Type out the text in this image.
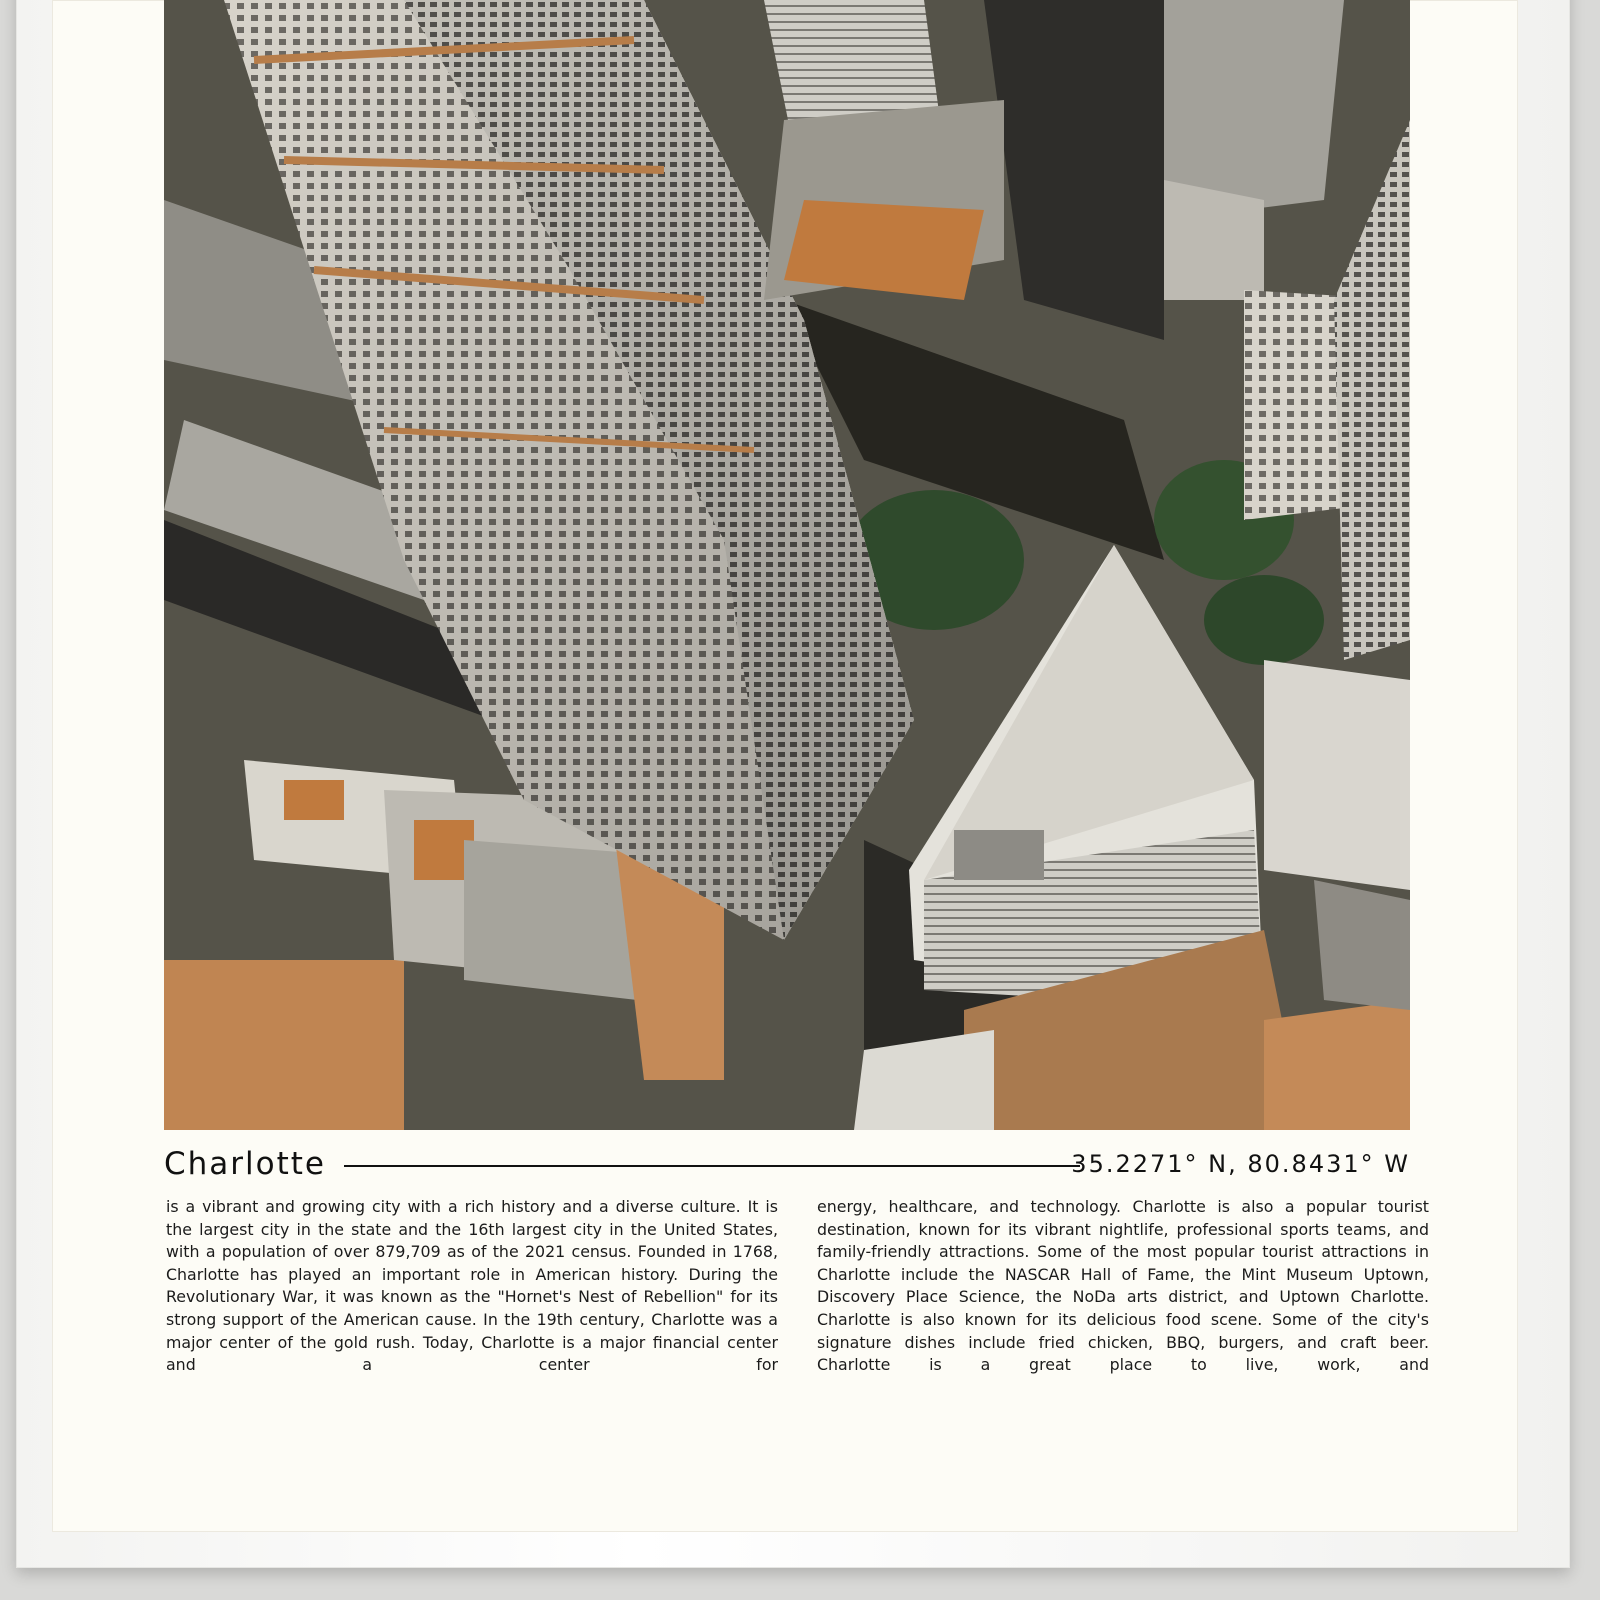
Charlotte	35.2271° N, 80.8431° W

is a vibrant and growing city with a rich history and a diverse culture. It is the largest city in the state and the 16th largest city in the United States, with a population of over 879,709 as of the 2021 census. Founded in 1768, Charlotte has played an important role in American history. During the Revolutionary War, it was known as the "Hornet's Nest of Rebellion" for its strong support of the American cause. In the 19th century, Charlotte was a major center of the gold rush. Today, Charlotte is a major financial center and a center for

energy, healthcare, and technology. Charlotte is also a popular tourist destination, known for its vibrant nightlife, professional sports teams, and family-friendly attractions. Some of the most popular tourist attractions in Charlotte include the NASCAR Hall of Fame, the Mint Museum Uptown, Discovery Place Science, the NoDa arts district, and Uptown Charlotte. Charlotte is also known for its delicious food scene. Some of the city's signature dishes include fried chicken, BBQ, burgers, and craft beer. Charlotte is a great place to live, work, and
